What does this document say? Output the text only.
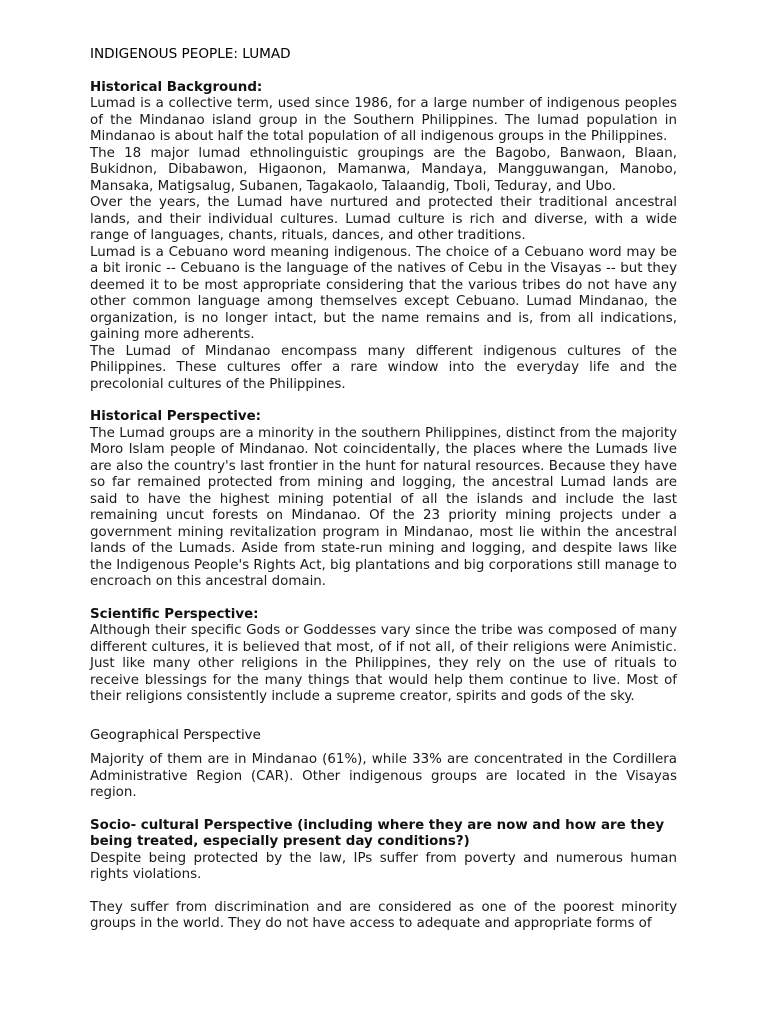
INDIGENOUS PEOPLE: LUMAD

Historical Background:

Lumad is a collective term, used since 1986, for a large number of indigenous peoples of the Mindanao island group in the Southern Philippines. The lumad population in Mindanao is about half the total population of all indigenous groups in the Philippines.

The 18 major lumad ethnolinguistic groupings are the Bagobo, Banwaon, Blaan, Bukidnon, Dibabawon, Higaonon, Mamanwa, Mandaya, Mangguwangan, Manobo, Mansaka, Matigsalug, Subanen, Tagakaolo, Talaandig, Tboli, Teduray, and Ubo.

Over the years, the Lumad have nurtured and protected their traditional ancestral lands, and their individual cultures. Lumad culture is rich and diverse, with a wide range of languages, chants, rituals, dances, and other traditions.

Lumad is a Cebuano word meaning indigenous. The choice of a Cebuano word may be a bit ironic -- Cebuano is the language of the natives of Cebu in the Visayas -- but they deemed it to be most appropriate considering that the various tribes do not have any other common language among themselves except Cebuano. Lumad Mindanao, the organization, is no longer intact, but the name remains and is, from all indications, gaining more adherents.

The Lumad of Mindanao encompass many different indigenous cultures of the Philippines. These cultures offer a rare window into the everyday life and the precolonial cultures of the Philippines.

Historical Perspective:

The Lumad groups are a minority in the southern Philippines, distinct from the majority Moro Islam people of Mindanao. Not coincidentally, the places where the Lumads live are also the country's last frontier in the hunt for natural resources. Because they have so far remained protected from mining and logging, the ancestral Lumad lands are said to have the highest mining potential of all the islands and include the last remaining uncut forests on Mindanao. Of the 23 priority mining projects under a government mining revitalization program in Mindanao, most lie within the ancestral lands of the Lumads. Aside from state-run mining and logging, and despite laws like the Indigenous People's Rights Act, big plantations and big corporations still manage to encroach on this ancestral domain.

Scientific Perspective:

Although their specific Gods or Goddesses vary since the tribe was composed of many different cultures, it is believed that most, of if not all, of their religions were Animistic. Just like many other religions in the Philippines, they rely on the use of rituals to receive blessings for the many things that would help them continue to live. Most of their religions consistently include a supreme creator, spirits and gods of the sky.

Geographical Perspective

Majority of them are in Mindanao (61%), while 33% are concentrated in the Cordillera Administrative Region (CAR). Other indigenous groups are located in the Visayas region.

Socio- cultural Perspective (including where they are now and how are they being treated, especially present day conditions?)

Despite being protected by the law, IPs suffer from poverty and numerous human rights violations.

They suffer from discrimination and are considered as one of the poorest minority groups in the world. They do not have access to adequate and appropriate forms of
